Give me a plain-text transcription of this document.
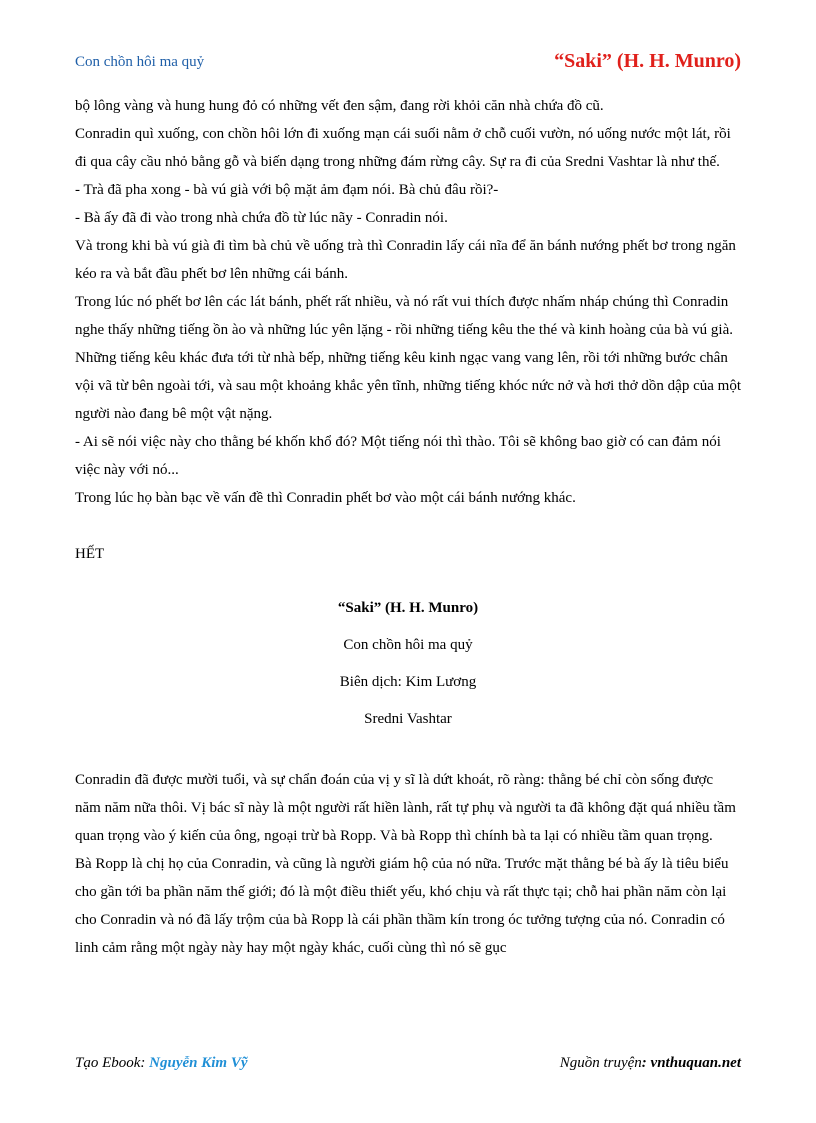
Con chồn hôi ma quỷ	“Saki” (H. H. Munro)

bộ lông vàng và hung hung đỏ có những vết đen sậm, đang rời khỏi căn nhà chứa đồ cũ.

Conradin quì xuống, con chồn hôi lớn đi xuống mạn cái suối nằm ở chỗ cuối vườn, nó uống nước một lát, rồi đi qua cây cầu nhỏ bằng gỗ và biến dạng trong những đám rừng cây. Sự ra đi của Sredni Vashtar là như thế.

- Trà đã pha xong - bà vú già với bộ mặt ảm đạm nói. Bà chủ đâu rồi?-

- Bà ấy đã đi vào trong nhà chứa đồ từ lúc nãy - Conradin nói.

Và trong khi bà vú già đi tìm bà chủ về uống trà thì Conradin lấy cái nĩa để ăn bánh nướng phết bơ trong ngăn kéo ra và bắt đầu phết bơ lên những cái bánh.

Trong lúc nó phết bơ lên các lát bánh, phết rất nhiều, và nó rất vui thích được nhấm nháp chúng thì Conradin nghe thấy những tiếng ồn ào và những lúc yên lặng - rồi những tiếng kêu the thé và kinh hoàng của bà vú già. Những tiếng kêu khác đưa tới từ nhà bếp, những tiếng kêu kinh ngạc vang vang lên, rồi tới những bước chân vội vã từ bên ngoài tới, và sau một khoảng khắc yên tĩnh, những tiếng khóc nức nở và hơi thở dồn dập của một người nào đang bê một vật nặng.

- Ai sẽ nói việc này cho thằng bé khốn khổ đó? Một tiếng nói thì thào. Tôi sẽ không bao giờ có can đảm nói việc này với nó...

Trong lúc họ bàn bạc về vấn đề thì Conradin phết bơ vào một cái bánh nướng khác.

HẾT

“Saki” (H. H. Munro)

Con chồn hôi ma quỷ

Biên dịch: Kim Lương

Sredni Vashtar

Conradin đã được mười tuổi, và sự chẩn đoán của vị y sĩ là dứt khoát, rõ ràng: thằng bé chỉ còn sống được năm năm nữa thôi. Vị bác sĩ này là một người rất hiền lành, rất tự phụ và người ta đã không đặt quá nhiều tầm quan trọng vào ý kiến của ông, ngoại trừ bà Ropp. Và bà Ropp thì chính bà ta lại có nhiều tầm quan trọng.

Bà Ropp là chị họ của Conradin, và cũng là người giám hộ của nó nữa. Trước mặt thằng bé bà ấy là tiêu biểu cho gần tới ba phần năm thế giới; đó là một điều thiết yếu, khó chịu và rất thực tại; chỗ hai phần năm còn lại cho Conradin và nó đã lấy trộm của bà Ropp là cái phần thầm kín trong óc tưởng tượng của nó. Conradin có linh cảm rằng một ngày này hay một ngày khác, cuối cùng thì nó sẽ gục

Tạo Ebook: Nguyễn Kim Vỹ	Nguồn truyện: vnthuquan.net
